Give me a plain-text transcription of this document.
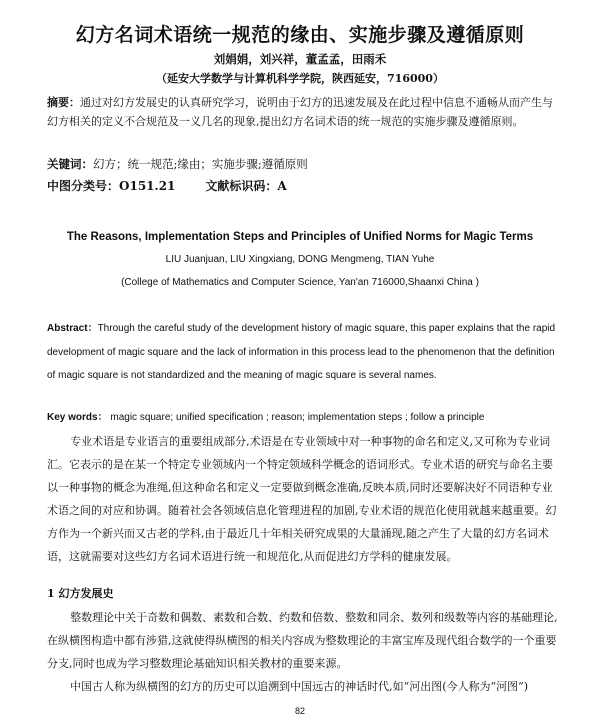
幻方名词术语统一规范的缘由、实施步骤及遵循原则
刘娟娟，刘兴祥，董孟孟，田雨禾
（延安大学数学与计算机科学学院，陕西延安，716000）
摘要：通过对幻方发展史的认真研究学习，说明由于幻方的迅速发展及在此过程中信息不通畅从而产生与幻方相关的定义不合规范及一义几名的现象,提出幻方名词术语的统一规范的实施步骤及遵循原则。
关键词：幻方；统一规范;缘由；实施步骤;遵循原则
中图分类号：O151.21	文献标识码：A
The Reasons, Implementation Steps and Principles of Unified Norms for Magic Terms
LIU Juanjuan, LIU Xingxiang, DONG Mengmeng, TIAN Yuhe
(College of Mathematics and Computer Science, Yan'an 716000,Shaanxi China )
Abstract：Through the careful study of the development history of magic square, this paper explains that the rapid development of magic square and the lack of information in this process lead to the phenomenon that the definition of magic square is not standardized and the meaning of magic square is several names.
Key words： magic square; unified specification ; reason; implementation steps ; follow a principle
专业术语是专业语言的重要组成部分,术语是在专业领域中对一种事物的命名和定义,又可称为专业词汇。它表示的是在某一个特定专业领域内一个特定领域科学概念的语词形式。专业术语的研究与命名主要以一种事物的概念为准绳,但这种命名和定义一定要做到概念准确,反映本质,同时还要解决好不同语种专业术语之间的对应和协调。随着社会各领域信息化管理进程的加剧,专业术语的规范化使用就越来越重要。幻方作为一个新兴而又古老的学科,由于最近几十年相关研究成果的大量涌现,随之产生了大量的幻方名词术语，这就需要对这些幻方名词术语进行统一和规范化,从而促进幻方学科的健康发展。
1 幻方发展史
整数理论中关于奇数和偶数、素数和合数、约数和倍数、整数和同余、数列和级数等内容的基础理论,在纵横图构造中都有涉猎,这就使得纵横图的相关内容成为整数理论的丰富宝库及现代组合数学的一个重要分支,同时也成为学习整数理论基础知识相关教材的重要来源。
中国古人称为纵横图的幻方的历史可以追溯到中国远古的神话时代,如“河出图(今人称为“河图”)
82
